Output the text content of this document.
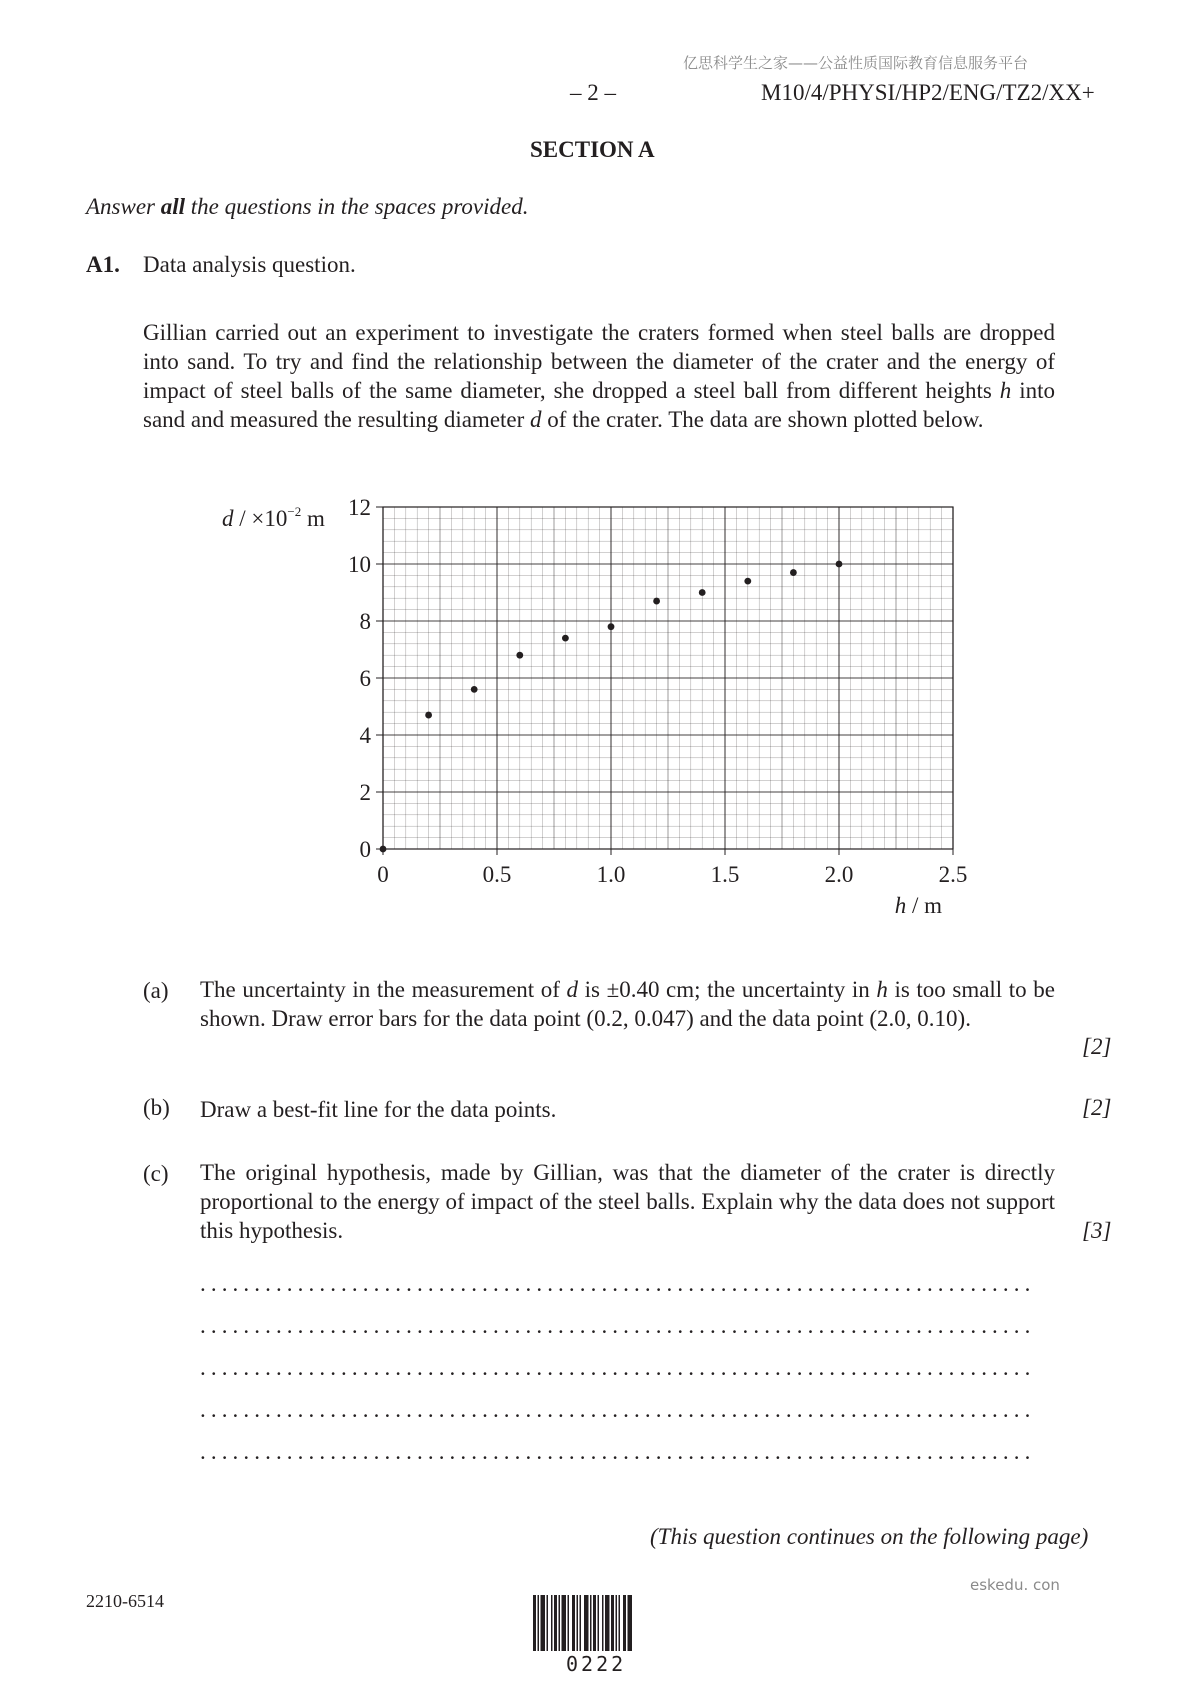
亿思科学生之家——公益性质国际教育信息服务平台
– 2 –	M10/4/PHYSI/HP2/ENG/TZ2/XX+
SECTION A
Answer all the questions in the spaces provided.
A1. Data analysis question.
Gillian carried out an experiment to investigate the craters formed when steel balls are dropped into sand. To try and find the relationship between the diameter of the crater and the energy of impact of steel balls of the same diameter, she dropped a steel ball from different heights h into sand and measured the resulting diameter d of the crater. The data are shown plotted below.
$d / \times 10^{-2}$ m
h / m
0
2
4
6
8
10
12
0	0.5	1.0	1.5	2.0	2.5
(a) The uncertainty in the measurement of d is ±0.40 cm; the uncertainty in h is too small to be shown. Draw error bars for the data point (0.2, 0.047) and the data point (2.0, 0.10).
[2]
(b) Draw a best-fit line for the data points.	[2]
(c) The original hypothesis, made by Gillian, was that the diameter of the crater is directly proportional to the energy of impact of the steel balls. Explain why the data does not support this hypothesis.	[3]
.............................................................................
.............................................................................
.............................................................................
.............................................................................
.............................................................................
(This question continues on the following page)
2210-6514
eskedu. con
0222
